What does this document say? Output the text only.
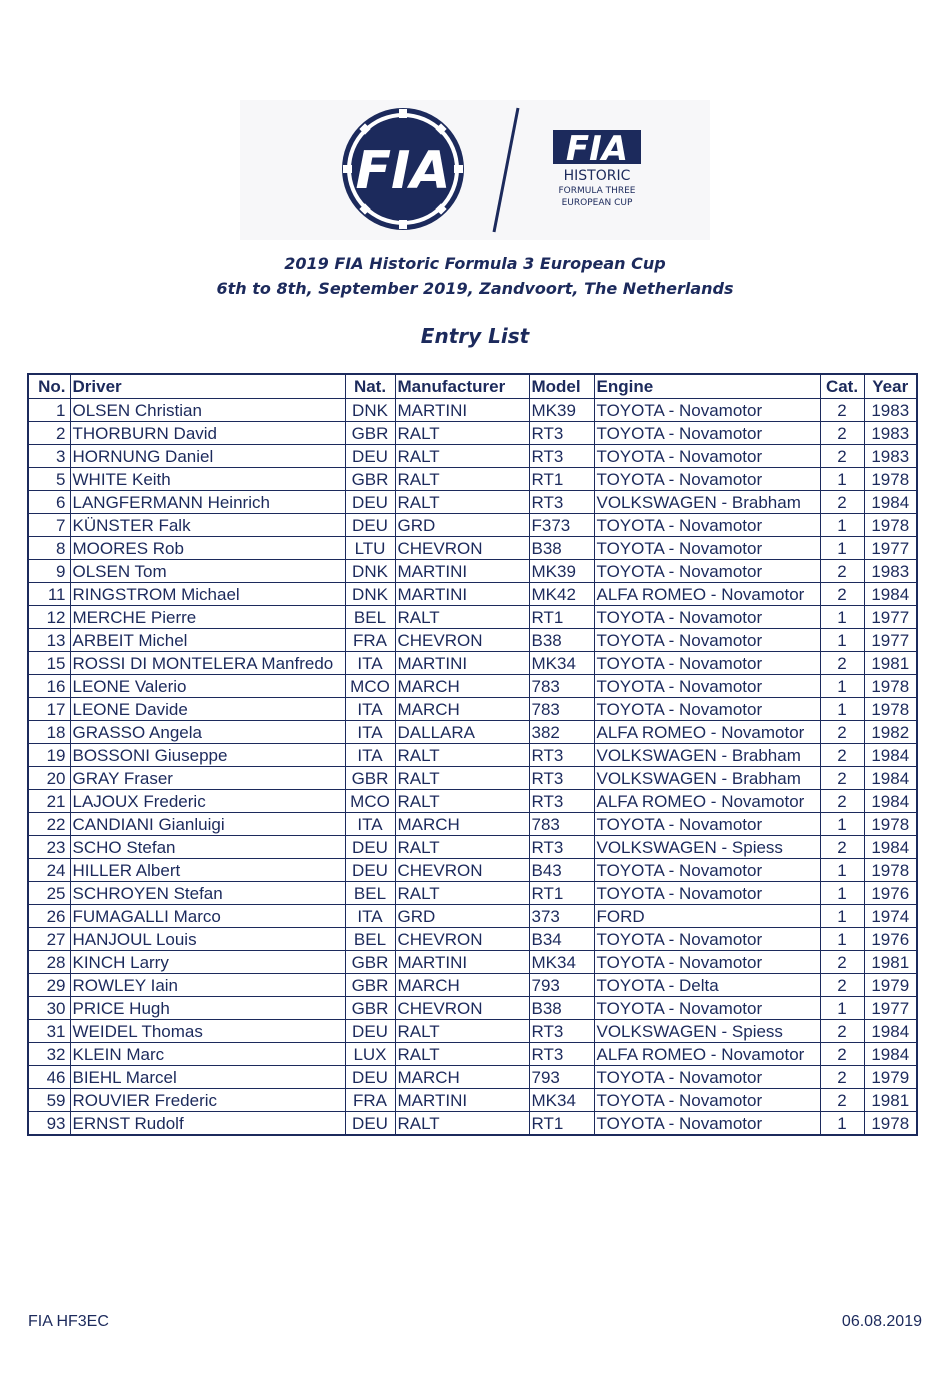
FIA	FIA
HISTORIC
FORMULA THREE
EUROPEAN CUP
2019 FIA Historic Formula 3 European Cup
6th to 8th, September 2019, Zandvoort, The Netherlands
Entry List
No.	Driver	Nat.	Manufacturer	Model	Engine	Cat.	Year
1	OLSEN Christian	DNK	MARTINI	MK39	TOYOTA - Novamotor	2	1983
2	THORBURN David	GBR	RALT	RT3	TOYOTA - Novamotor	2	1983
3	HORNUNG Daniel	DEU	RALT	RT3	TOYOTA - Novamotor	2	1983
5	WHITE Keith	GBR	RALT	RT1	TOYOTA - Novamotor	1	1978
6	LANGFERMANN Heinrich	DEU	RALT	RT3	VOLKSWAGEN - Brabham	2	1984
7	KÜNSTER Falk	DEU	GRD	F373	TOYOTA - Novamotor	1	1978
8	MOORES Rob	LTU	CHEVRON	B38	TOYOTA - Novamotor	1	1977
9	OLSEN Tom	DNK	MARTINI	MK39	TOYOTA - Novamotor	2	1983
11	RINGSTROM Michael	DNK	MARTINI	MK42	ALFA ROMEO - Novamotor	2	1984
12	MERCHE Pierre	BEL	RALT	RT1	TOYOTA - Novamotor	1	1977
13	ARBEIT Michel	FRA	CHEVRON	B38	TOYOTA - Novamotor	1	1977
15	ROSSI DI MONTELERA Manfredo	ITA	MARTINI	MK34	TOYOTA - Novamotor	2	1981
16	LEONE Valerio	MCO	MARCH	783	TOYOTA - Novamotor	1	1978
17	LEONE Davide	ITA	MARCH	783	TOYOTA - Novamotor	1	1978
18	GRASSO Angela	ITA	DALLARA	382	ALFA ROMEO - Novamotor	2	1982
19	BOSSONI Giuseppe	ITA	RALT	RT3	VOLKSWAGEN - Brabham	2	1984
20	GRAY Fraser	GBR	RALT	RT3	VOLKSWAGEN - Brabham	2	1984
21	LAJOUX Frederic	MCO	RALT	RT3	ALFA ROMEO - Novamotor	2	1984
22	CANDIANI Gianluigi	ITA	MARCH	783	TOYOTA - Novamotor	1	1978
23	SCHO Stefan	DEU	RALT	RT3	VOLKSWAGEN - Spiess	2	1984
24	HILLER Albert	DEU	CHEVRON	B43	TOYOTA - Novamotor	1	1978
25	SCHROYEN Stefan	BEL	RALT	RT1	TOYOTA - Novamotor	1	1976
26	FUMAGALLI Marco	ITA	GRD	373	FORD	1	1974
27	HANJOUL Louis	BEL	CHEVRON	B34	TOYOTA - Novamotor	1	1976
28	KINCH Larry	GBR	MARTINI	MK34	TOYOTA - Novamotor	2	1981
29	ROWLEY Iain	GBR	MARCH	793	TOYOTA - Delta	2	1979
30	PRICE Hugh	GBR	CHEVRON	B38	TOYOTA - Novamotor	1	1977
31	WEIDEL Thomas	DEU	RALT	RT3	VOLKSWAGEN - Spiess	2	1984
32	KLEIN Marc	LUX	RALT	RT3	ALFA ROMEO - Novamotor	2	1984
46	BIEHL Marcel	DEU	MARCH	793	TOYOTA - Novamotor	2	1979
59	ROUVIER Frederic	FRA	MARTINI	MK34	TOYOTA - Novamotor	2	1981
93	ERNST Rudolf	DEU	RALT	RT1	TOYOTA - Novamotor	1	1978
FIA HF3EC	06.08.2019
